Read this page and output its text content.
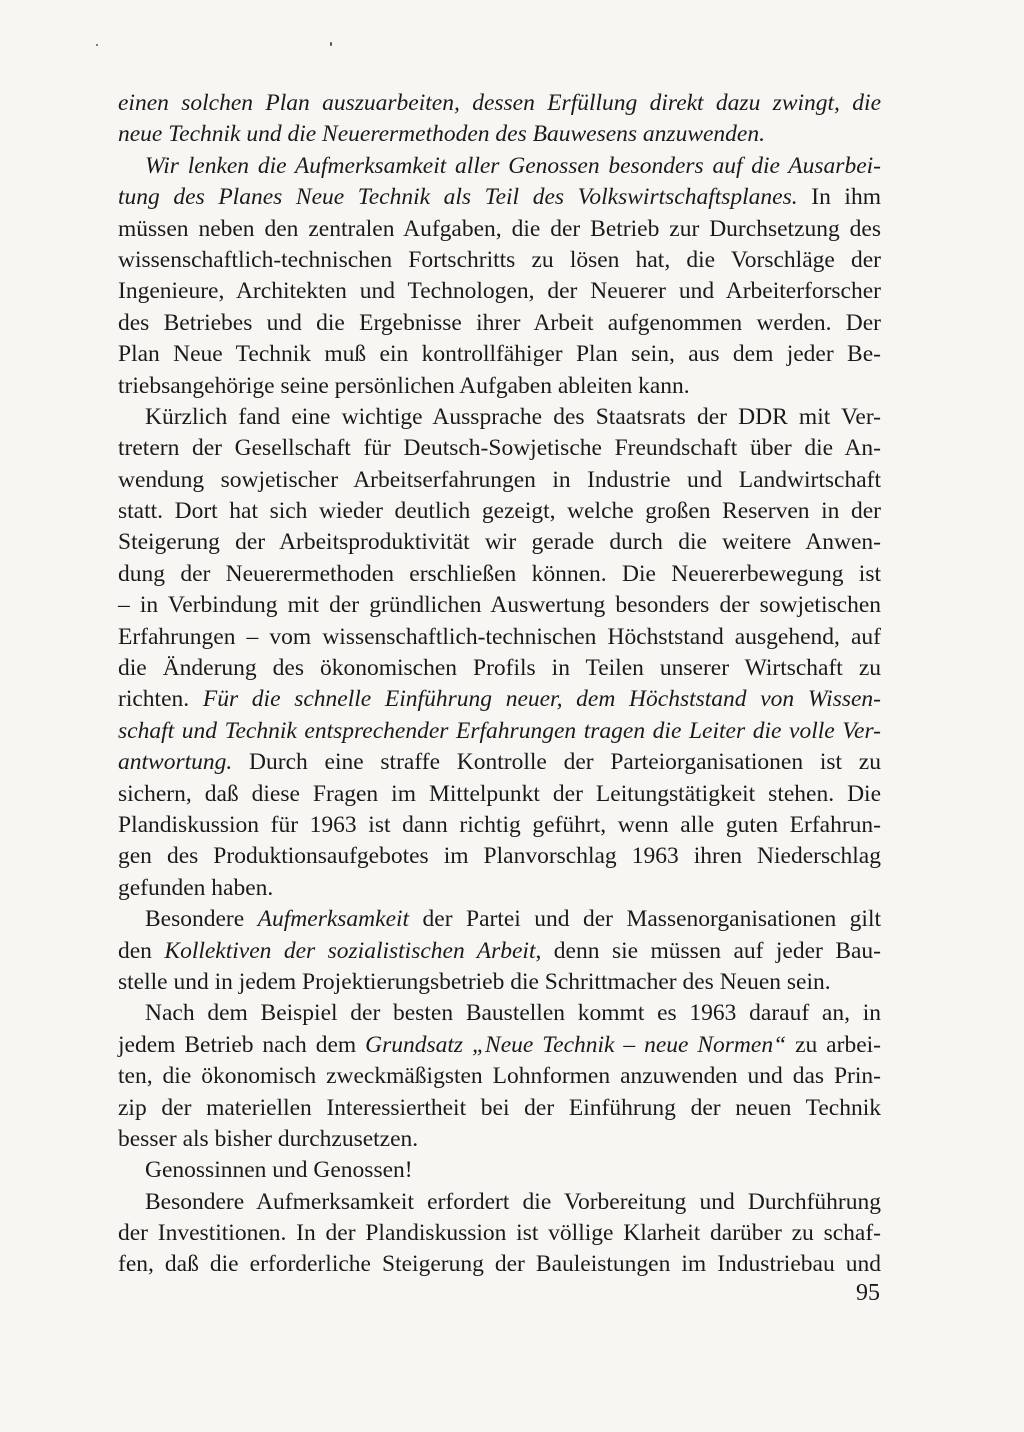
einen solchen Plan auszuarbeiten, dessen Erfüllung direkt dazu zwingt, die
neue Technik und die Neuerermethoden des Bauwesens anzuwenden.
Wir lenken die Aufmerksamkeit aller Genossen besonders auf die Ausarbei-
tung des Planes Neue Technik als Teil des Volkswirtschaftsplanes. In ihm
müssen neben den zentralen Aufgaben, die der Betrieb zur Durchsetzung des
wissenschaftlich-technischen Fortschritts zu lösen hat, die Vorschläge der
Ingenieure, Architekten und Technologen, der Neuerer und Arbeiterforscher
des Betriebes und die Ergebnisse ihrer Arbeit aufgenommen werden. Der
Plan Neue Technik muß ein kontrollfähiger Plan sein, aus dem jeder Be-
triebsangehörige seine persönlichen Aufgaben ableiten kann.
Kürzlich fand eine wichtige Aussprache des Staatsrats der DDR mit Ver-
tretern der Gesellschaft für Deutsch-Sowjetische Freundschaft über die An-
wendung sowjetischer Arbeitserfahrungen in Industrie und Landwirtschaft
statt. Dort hat sich wieder deutlich gezeigt, welche großen Reserven in der
Steigerung der Arbeitsproduktivität wir gerade durch die weitere Anwen-
dung der Neuerermethoden erschließen können. Die Neuererbewegung ist
– in Verbindung mit der gründlichen Auswertung besonders der sowjetischen
Erfahrungen – vom wissenschaftlich-technischen Höchststand ausgehend, auf
die Änderung des ökonomischen Profils in Teilen unserer Wirtschaft zu
richten. Für die schnelle Einführung neuer, dem Höchststand von Wissen-
schaft und Technik entsprechender Erfahrungen tragen die Leiter die volle Ver-
antwortung. Durch eine straffe Kontrolle der Parteiorganisationen ist zu
sichern, daß diese Fragen im Mittelpunkt der Leitungstätigkeit stehen. Die
Plandiskussion für 1963 ist dann richtig geführt, wenn alle guten Erfahrun-
gen des Produktionsaufgebotes im Planvorschlag 1963 ihren Niederschlag
gefunden haben.
Besondere Aufmerksamkeit der Partei und der Massenorganisationen gilt
den Kollektiven der sozialistischen Arbeit, denn sie müssen auf jeder Bau-
stelle und in jedem Projektierungsbetrieb die Schrittmacher des Neuen sein.
Nach dem Beispiel der besten Baustellen kommt es 1963 darauf an, in
jedem Betrieb nach dem Grundsatz „Neue Technik – neue Normen“ zu arbei-
ten, die ökonomisch zweckmäßigsten Lohnformen anzuwenden und das Prin-
zip der materiellen Interessiertheit bei der Einführung der neuen Technik
besser als bisher durchzusetzen.
Genossinnen und Genossen!
Besondere Aufmerksamkeit erfordert die Vorbereitung und Durchführung
der Investitionen. In der Plandiskussion ist völlige Klarheit darüber zu schaf-
fen, daß die erforderliche Steigerung der Bauleistungen im Industriebau und
95
